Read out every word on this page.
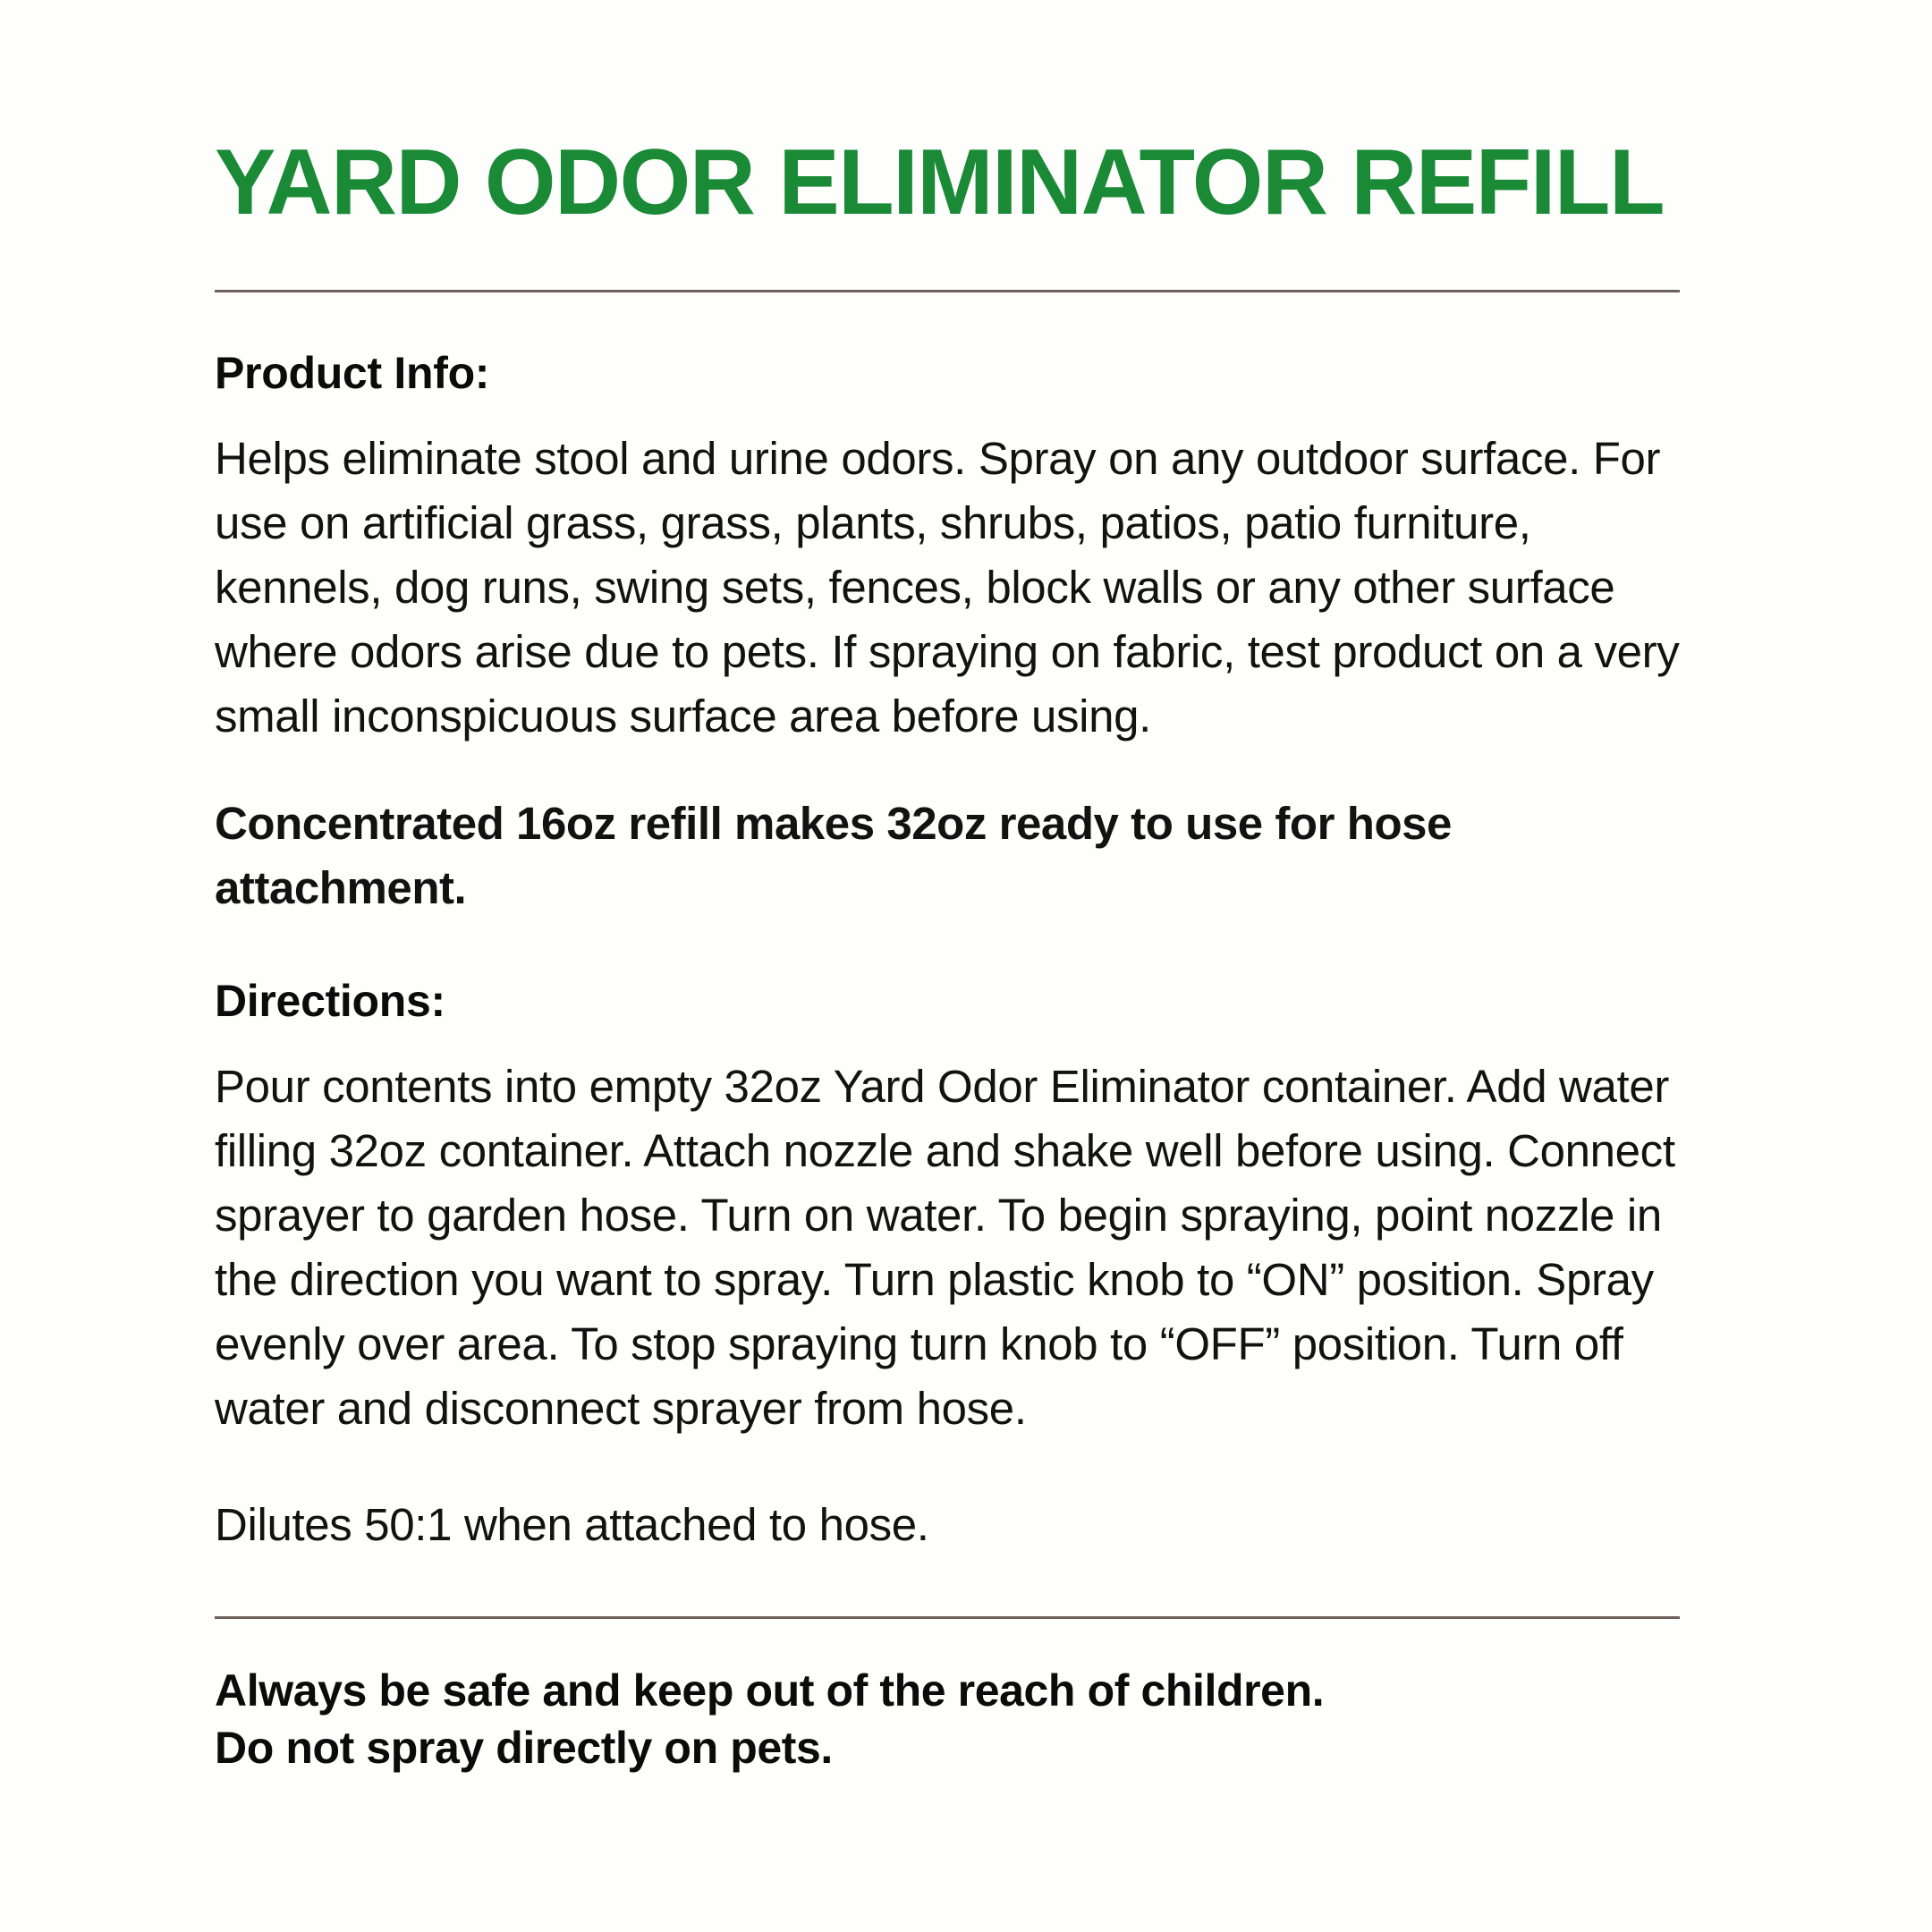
YARD ODOR ELIMINATOR REFILL
Product Info:

Helps eliminate stool and urine odors. Spray on any outdoor surface. For use on artificial grass, grass, plants, shrubs, patios, patio furniture, kennels, dog runs, swing sets, fences, block walls or any other surface where odors arise due to pets. If spraying on fabric, test product on a very small inconspicuous surface area before using.

Concentrated 16oz refill makes 32oz ready to use for hose attachment.

Directions:

Pour contents into empty 32oz Yard Odor Eliminator container. Add water filling 32oz container. Attach nozzle and shake well before using. Connect sprayer to garden hose. Turn on water. To begin spraying, point nozzle in the direction you want to spray. Turn plastic knob to “ON” position. Spray evenly over area. To stop spraying turn knob to “OFF” position. Turn off water and disconnect sprayer from hose.

Dilutes 50:1 when attached to hose.

Always be safe and keep out of the reach of children.
Do not spray directly on pets.
